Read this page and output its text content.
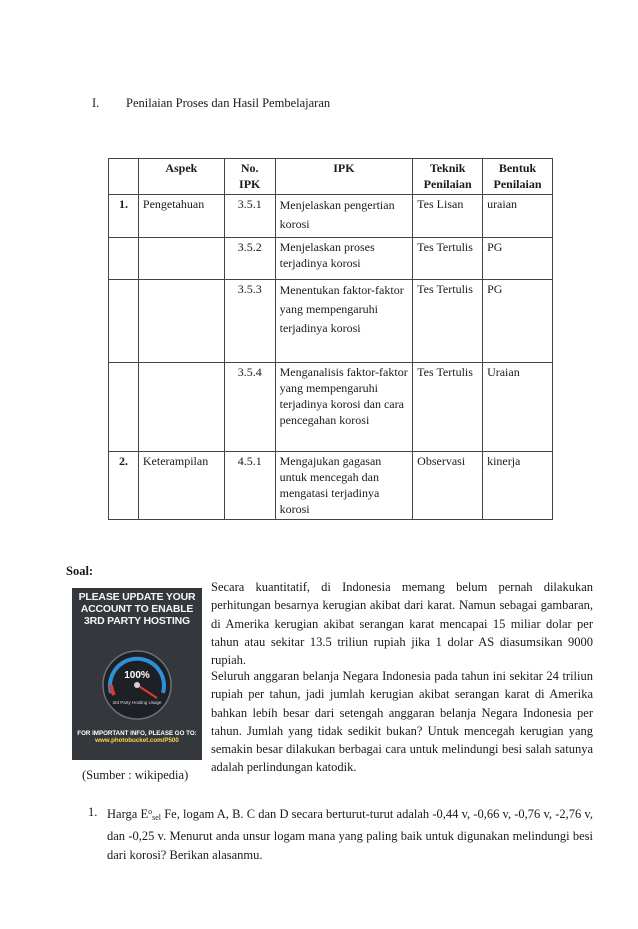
I. Penilaian Proses dan Hasil Pembelajaran
	Aspek	No. IPK	IPK	Teknik Penilaian	Bentuk Penilaian
1.	Pengetahuan	3.5.1	Menjelaskan pengertian korosi	Tes Lisan	uraian
		3.5.2	Menjelaskan proses terjadinya korosi	Tes Tertulis	PG
		3.5.3	Menentukan faktor-faktor yang mempengaruhi terjadinya korosi	Tes Tertulis	PG
		3.5.4	Menganalisis faktor-faktor yang mempengaruhi terjadinya korosi dan cara pencegahan korosi	Tes Tertulis	Uraian
2.	Keterampilan	4.5.1	Mengajukan gagasan untuk mencegah dan mengatasi terjadinya korosi	Observasi	kinerja
Soal:
PLEASE UPDATE YOUR ACCOUNT TO ENABLE 3RD PARTY HOSTING
100%
3rd Party Hosting Usage
FOR IMPORTANT INFO, PLEASE GO TO:
www.photobucket.com/P500
(Sumber : wikipedia)

Secara kuantitatif, di Indonesia memang belum pernah dilakukan perhitungan besarnya kerugian akibat dari karat. Namun sebagai gambaran, di Amerika kerugian akibat serangan karat mencapai 15 miliar dolar per tahun atau sekitar 13.5 triliun rupiah jika 1 dolar AS diasumsikan 9000 rupiah.

Seluruh anggaran belanja Negara Indonesia pada tahun ini sekitar 24 triliun rupiah per tahun, jadi jumlah kerugian akibat serangan karat di Amerika bahkan lebih besar dari setengah anggaran belanja Negara Indonesia per tahun. Jumlah yang tidak sedikit bukan? Untuk mencegah kerugian yang semakin besar dilakukan berbagai cara untuk melindungi besi salah satunya adalah perlindungan katodik.

1. Harga $E^o_{sel}$ Fe, logam A, B. C dan D secara berturut-turut adalah -0,44 v, -0,66 v, -0,76 v, -2,76 v, dan -0,25 v. Menurut anda unsur logam mana yang paling baik untuk digunakan melindungi besi dari korosi? Berikan alasanmu.
